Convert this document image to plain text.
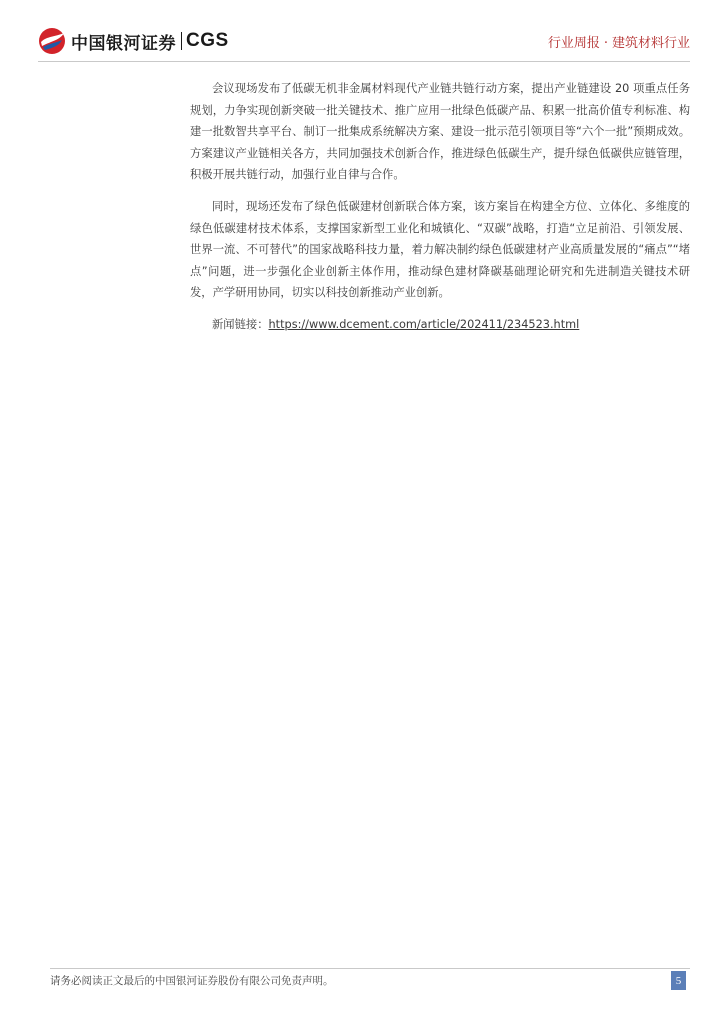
中国银河证券 CGS	行业周报 · 建筑材料行业

会议现场发布了低碳无机非金属材料现代产业链共链行动方案，提出产业链建设 20 项重点任务规划，力争实现创新突破一批关键技术、推广应用一批绿色低碳产品、积累一批高价值专利标准、构建一批数智共享平台、制订一批集成系统解决方案、建设一批示范引领项目等“六个一批”预期成效。方案建议产业链相关各方，共同加强技术创新合作，推进绿色低碳生产，提升绿色低碳供应链管理，积极开展共链行动，加强行业自律与合作。

同时，现场还发布了绿色低碳建材创新联合体方案，该方案旨在构建全方位、立体化、多维度的绿色低碳建材技术体系，支撑国家新型工业化和城镇化、“双碳”战略，打造“立足前沿、引领发展、世界一流、不可替代”的国家战略科技力量，着力解决制约绿色低碳建材产业高质量发展的“痛点”“堵点”问题，进一步强化企业创新主体作用，推动绿色建材降碳基础理论研究和先进制造关键技术研发，产学研用协同，切实以科技创新推动产业创新。

新闻链接：https://www.dcement.com/article/202411/234523.html

请务必阅读正文最后的中国银河证券股份有限公司免责声明。	5
